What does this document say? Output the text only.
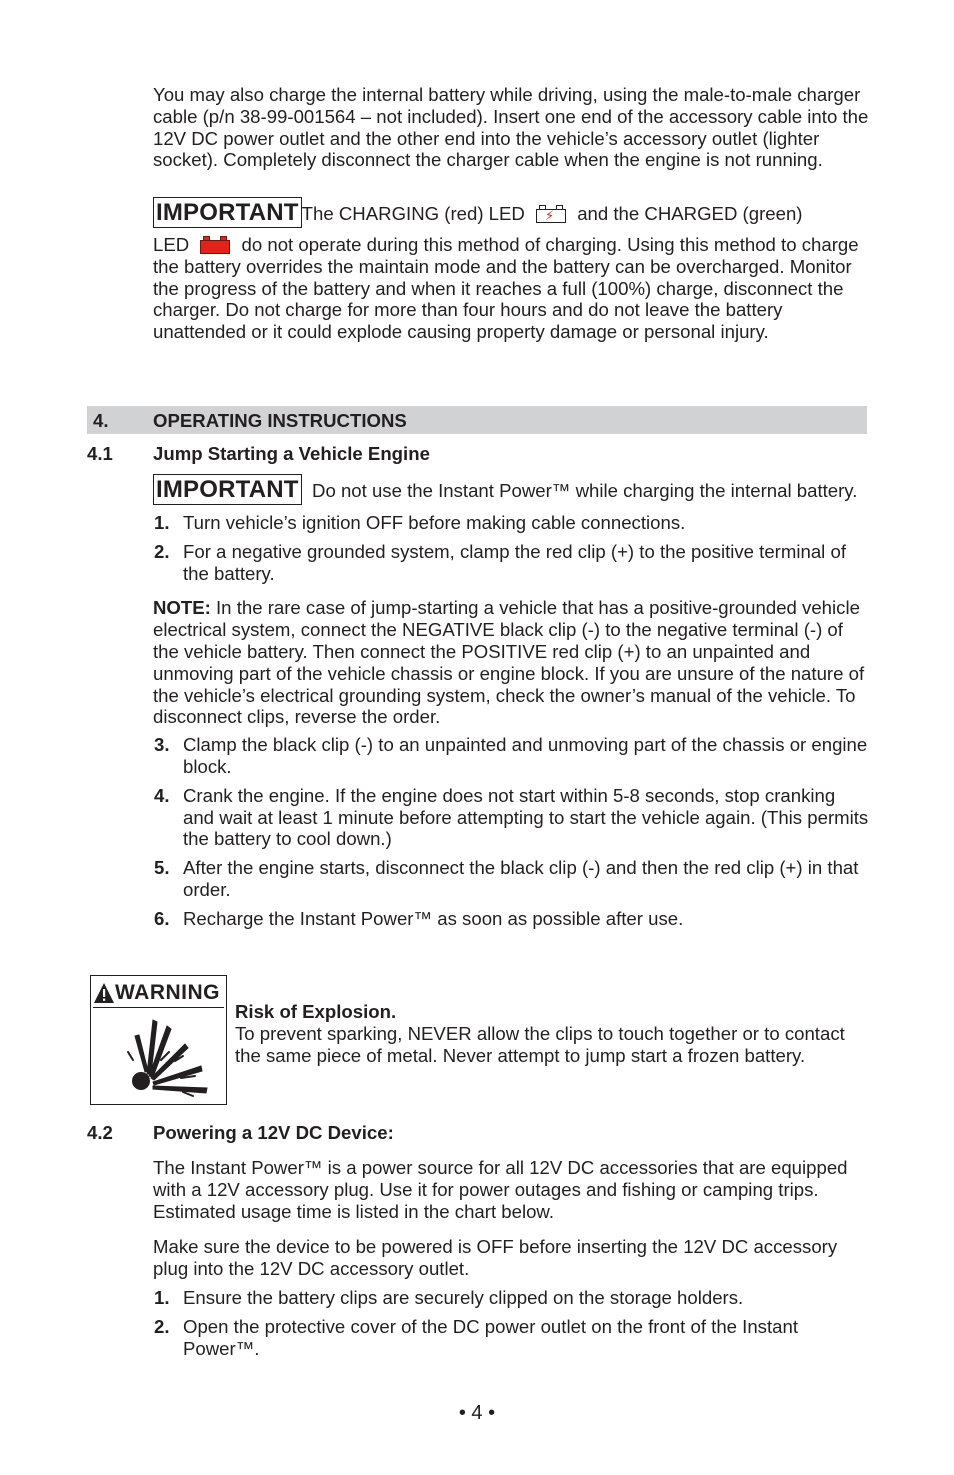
You may also charge the internal battery while driving, using the male-to-male charger cable (p/n 38-99-001564 – not included). Insert one end of the accessory cable into the 12V DC power outlet and the other end into the vehicle’s accessory outlet (lighter socket). Completely disconnect the charger cable when the engine is not running.

IMPORTANT The CHARGING (red) LED ⚡ and the CHARGED (green)

LED	do not operate during this method of charging. Using this method to charge the battery overrides the maintain mode and the battery can be overcharged. Monitor the progress of the battery and when it reaches a full (100%) charge, disconnect the charger. Do not charge for more than four hours and do not leave the battery unattended or it could explode causing property damage or personal injury.

4. OPERATING INSTRUCTIONS
4.1 Jump Starting a Vehicle Engine

IMPORTANT Do not use the Instant Power™ while charging the internal battery.

1. Turn vehicle’s ignition OFF before making cable connections.
2. For a negative grounded system, clamp the red clip (+) to the positive terminal of the battery.

NOTE: In the rare case of jump-starting a vehicle that has a positive-grounded vehicle electrical system, connect the NEGATIVE black clip (-) to the negative terminal (-) of the vehicle battery. Then connect the POSITIVE red clip (+) to an unpainted and unmoving part of the vehicle chassis or engine block. If you are unsure of the nature of the vehicle’s electrical grounding system, check the owner’s manual of the vehicle. To disconnect clips, reverse the order.

3. Clamp the black clip (-) to an unpainted and unmoving part of the chassis or engine block.
4. Crank the engine. If the engine does not start within 5-8 seconds, stop cranking and wait at least 1 minute before attempting to start the vehicle again. (This permits the battery to cool down.)
5. After the engine starts, disconnect the black clip (-) and then the red clip (+) in that order.
6. Recharge the Instant Power™ as soon as possible after use.
WARNING

Risk of Explosion.

To prevent sparking, NEVER allow the clips to touch together or to contact the same piece of metal. Never attempt to jump start a frozen battery.

4.2 Powering a 12V DC Device:

The Instant Power™ is a power source for all 12V DC accessories that are equipped with a 12V accessory plug. Use it for power outages and fishing or camping trips. Estimated usage time is listed in the chart below.

Make sure the device to be powered is OFF before inserting the 12V DC accessory plug into the 12V DC accessory outlet.

1. Ensure the battery clips are securely clipped on the storage holders.
2. Open the protective cover of the DC power outlet on the front of the Instant Power™.
• 4 •
